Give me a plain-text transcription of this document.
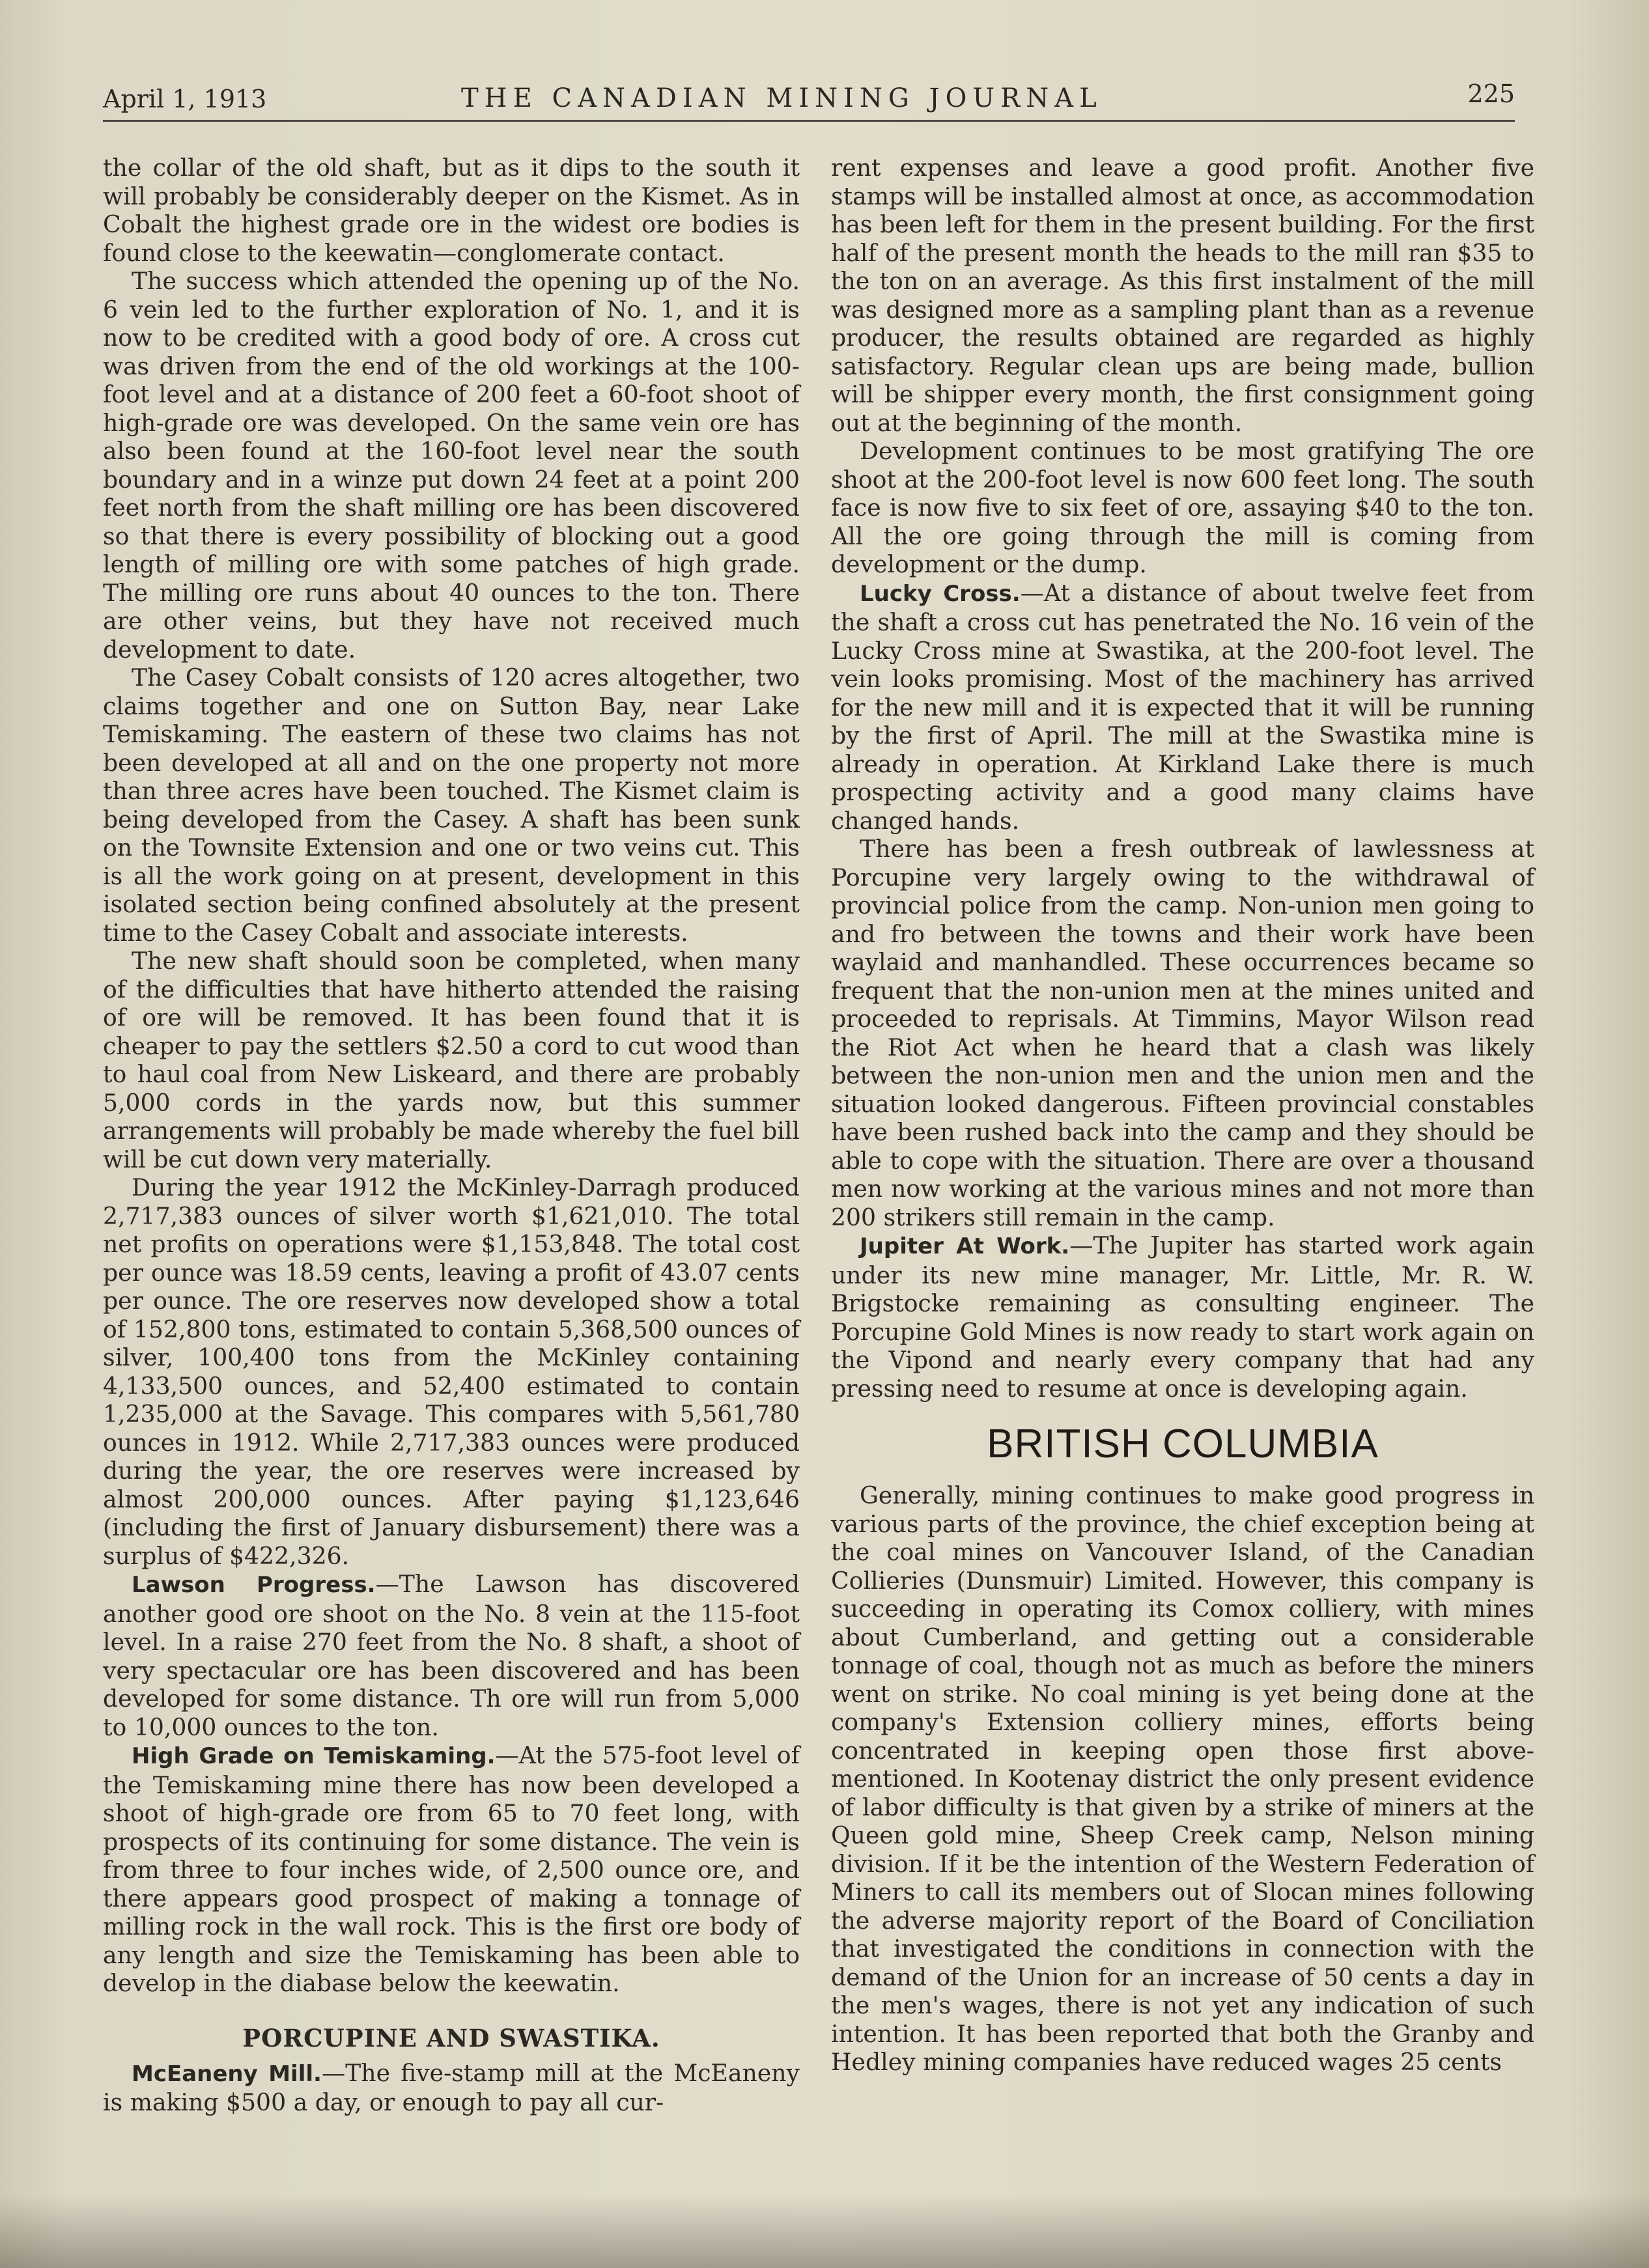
April 1, 1913	THE CANADIAN MINING JOURNAL	225

the collar of the old shaft, but as it dips to the south it will probably be considerably deeper on the Kismet. As in Cobalt the highest grade ore in the widest ore bodies is found close to the keewatin—conglomerate contact.

The success which attended the opening up of the No. 6 vein led to the further exploration of No. 1, and it is now to be credited with a good body of ore. A cross cut was driven from the end of the old workings at the 100-foot level and at a distance of 200 feet a 60-foot shoot of high-grade ore was developed. On the same vein ore has also been found at the 160-foot level near the south boundary and in a winze put down 24 feet at a point 200 feet north from the shaft milling ore has been discovered so that there is every possibility of blocking out a good length of milling ore with some patches of high grade. The milling ore runs about 40 ounces to the ton. There are other veins, but they have not received much development to date.

The Casey Cobalt consists of 120 acres altogether, two claims together and one on Sutton Bay, near Lake Temiskaming. The eastern of these two claims has not been developed at all and on the one property not more than three acres have been touched. The Kismet claim is being developed from the Casey. A shaft has been sunk on the Townsite Extension and one or two veins cut. This is all the work going on at present, development in this isolated section being confined absolutely at the present time to the Casey Cobalt and associate interests.

The new shaft should soon be completed, when many of the difficulties that have hitherto attended the raising of ore will be removed. It has been found that it is cheaper to pay the settlers $2.50 a cord to cut wood than to haul coal from New Liskeard, and there are probably 5,000 cords in the yards now, but this summer arrangements will probably be made whereby the fuel bill will be cut down very materially.

During the year 1912 the McKinley-Darragh produced 2,717,383 ounces of silver worth $1,621,010. The total net profits on operations were $1,153,848. The total cost per ounce was 18.59 cents, leaving a profit of 43.07 cents per ounce. The ore reserves now developed show a total of 152,800 tons, estimated to contain 5,368,500 ounces of silver, 100,400 tons from the McKinley containing 4,133,500 ounces, and 52,400 estimated to contain 1,235,000 at the Savage. This compares with 5,561,780 ounces in 1912. While 2,717,383 ounces were produced during the year, the ore reserves were increased by almost 200,000 ounces. After paying $1,123,646 (including the first of January disbursement) there was a surplus of $422,326.

Lawson Progress.—The Lawson has discovered another good ore shoot on the No. 8 vein at the 115-foot level. In a raise 270 feet from the No. 8 shaft, a shoot of very spectacular ore has been discovered and has been developed for some distance. Th ore will run from 5,000 to 10,000 ounces to the ton.

High Grade on Temiskaming.—At the 575-foot level of the Temiskaming mine there has now been developed a shoot of high-grade ore from 65 to 70 feet long, with prospects of its continuing for some distance. The vein is from three to four inches wide, of 2,500 ounce ore, and there appears good prospect of making a tonnage of milling rock in the wall rock. This is the first ore body of any length and size the Temiskaming has been able to develop in the diabase below the keewatin.

PORCUPINE AND SWASTIKA.

McEaneny Mill.—The five-stamp mill at the McEaneny is making $500 a day, or enough to pay all cur-

rent expenses and leave a good profit. Another five stamps will be installed almost at once, as accommodation has been left for them in the present building. For the first half of the present month the heads to the mill ran $35 to the ton on an average. As this first instalment of the mill was designed more as a sampling plant than as a revenue producer, the results obtained are regarded as highly satisfactory. Regular clean ups are being made, bullion will be shipper every month, the first consignment going out at the beginning of the month.

Development continues to be most gratifying The ore shoot at the 200-foot level is now 600 feet long. The south face is now five to six feet of ore, assaying $40 to the ton. All the ore going through the mill is coming from development or the dump.

Lucky Cross.—At a distance of about twelve feet from the shaft a cross cut has penetrated the No. 16 vein of the Lucky Cross mine at Swastika, at the 200-foot level. The vein looks promising. Most of the machinery has arrived for the new mill and it is expected that it will be running by the first of April. The mill at the Swastika mine is already in operation. At Kirkland Lake there is much prospecting activity and a good many claims have changed hands.

There has been a fresh outbreak of lawlessness at Porcupine very largely owing to the withdrawal of provincial police from the camp. Non-union men going to and fro between the towns and their work have been waylaid and manhandled. These occurrences became so frequent that the non-union men at the mines united and proceeded to reprisals. At Timmins, Mayor Wilson read the Riot Act when he heard that a clash was likely between the non-union men and the union men and the situation looked dangerous. Fifteen provincial constables have been rushed back into the camp and they should be able to cope with the situation. There are over a thousand men now working at the various mines and not more than 200 strikers still remain in the camp.

Jupiter At Work.—The Jupiter has started work again under its new mine manager, Mr. Little, Mr. R. W. Brigstocke remaining as consulting engineer. The Porcupine Gold Mines is now ready to start work again on the Vipond and nearly every company that had any pressing need to resume at once is developing again.

BRITISH COLUMBIA

Generally, mining continues to make good progress in various parts of the province, the chief exception being at the coal mines on Vancouver Island, of the Canadian Collieries (Dunsmuir) Limited. However, this company is succeeding in operating its Comox colliery, with mines about Cumberland, and getting out a considerable tonnage of coal, though not as much as before the miners went on strike. No coal mining is yet being done at the company's Extension colliery mines, efforts being concentrated in keeping open those first above-mentioned. In Kootenay district the only present evidence of labor difficulty is that given by a strike of miners at the Queen gold mine, Sheep Creek camp, Nelson mining division. If it be the intention of the Western Federation of Miners to call its members out of Slocan mines following the adverse majority report of the Board of Conciliation that investigated the conditions in connection with the demand of the Union for an increase of 50 cents a day in the men's wages, there is not yet any indication of such intention. It has been reported that both the Granby and Hedley mining companies have reduced wages 25 cents
